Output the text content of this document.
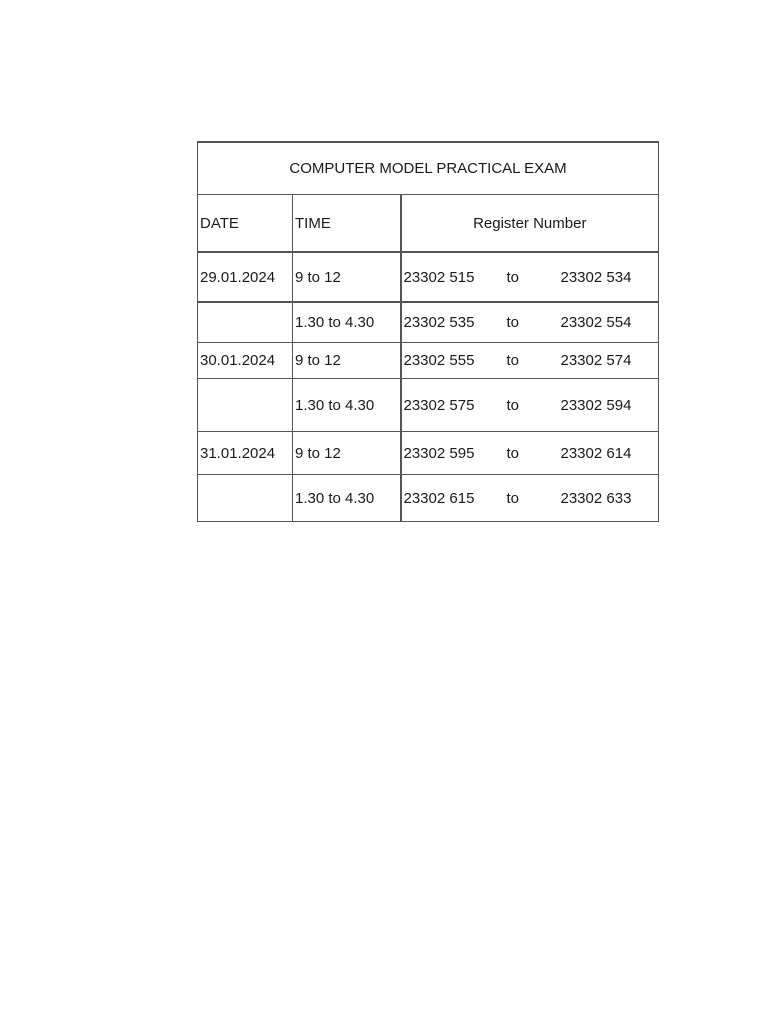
COMPUTER MODEL PRACTICAL EXAM		
DATE	TIME	Register Number
29.01.2024	9 to 12	23302 515 to 23302 534
	1.30 to 4.30	23302 535 to 23302 554
30.01.2024	9 to 12	23302 555 to 23302 574
	1.30 to 4.30	23302 575 to 23302 594
31.01.2024	9 to 12	23302 595 to 23302 614
	1.30 to 4.30	23302 615 to 23302 633
